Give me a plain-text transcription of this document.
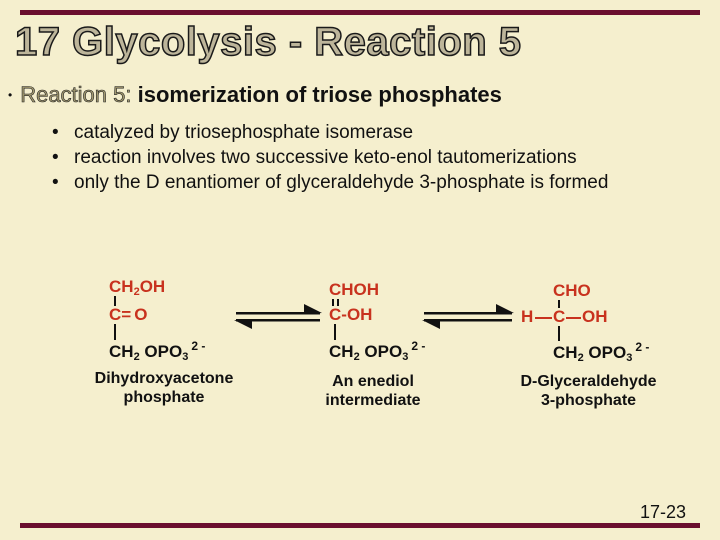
17 Glycolysis - Reaction 5
• Reaction 5: isomerization of triose phosphates
• catalyzed by triosephosphate isomerase
• reaction involves two successive keto-enol tautomerizations
• only the D enantiomer of glyceraldehyde 3-phosphate is formed
$CH_2OH$
C= O
$CH_2$ $OPO_3^{2 -}$
Dihydroxyacetone
phosphate
CHOH
C-OH
$CH_2$ $OPO_3^{2 -}$
An enediol
intermediate
CHO
H C OH
$CH_2$ $OPO_3^{2 -}$
D-Glyceraldehyde
3-phosphate
17-23
